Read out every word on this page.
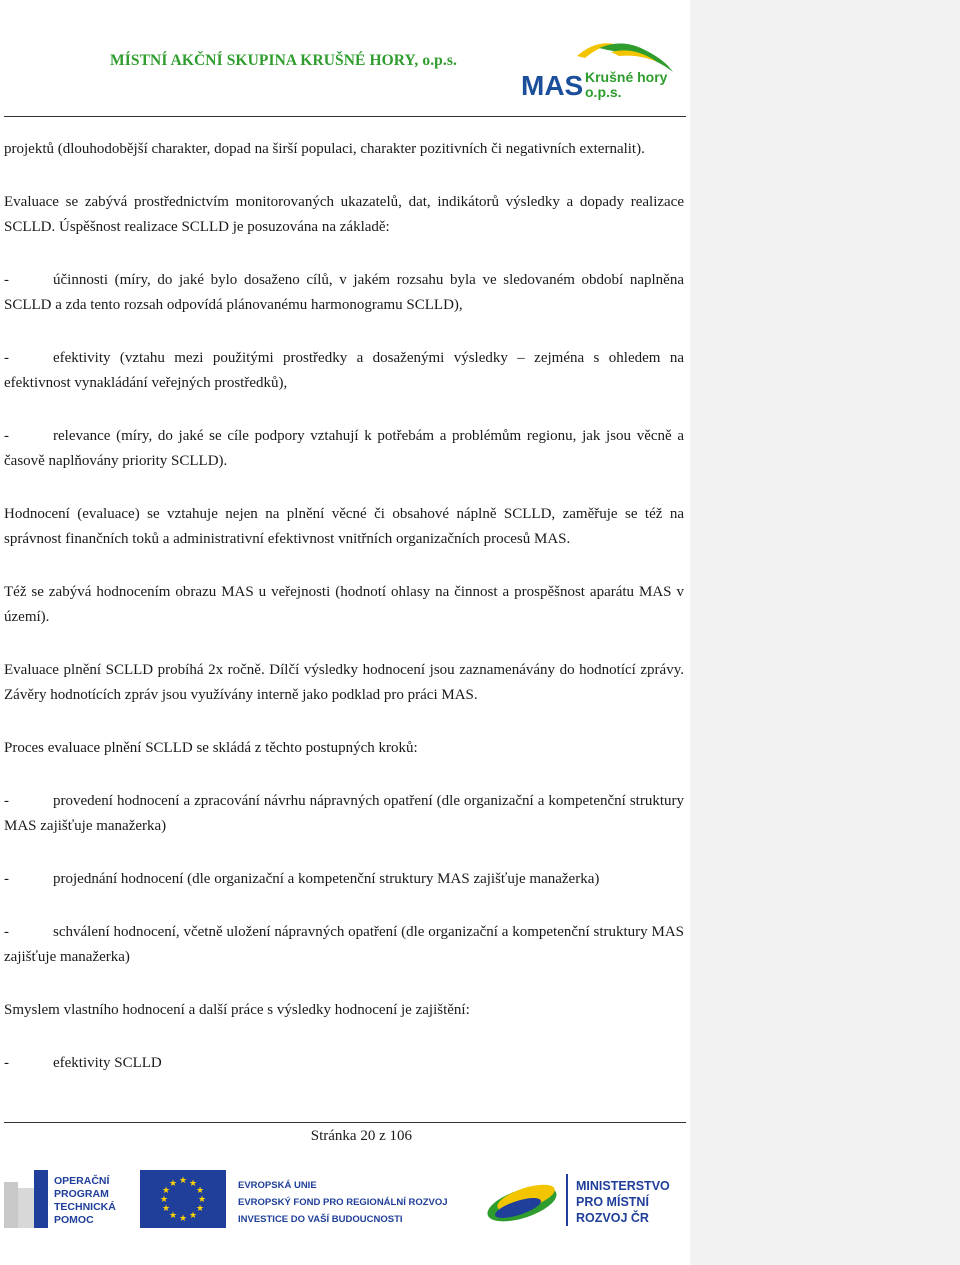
MÍSTNÍ AKČNÍ SKUPINA KRUŠNÉ HORY, o.p.s.
MAS Krušné hory
o.p.s.

projektů (dlouhodobější charakter, dopad na širší populaci, charakter pozitivních či negativních externalit).

Evaluace se zabývá prostřednictvím monitorovaných ukazatelů, dat, indikátorů výsledky a dopady realizace SCLLD. Úspěšnost realizace SCLLD je posuzována na základě:

-	účinnosti (míry, do jaké bylo dosaženo cílů, v jakém rozsahu byla ve sledovaném období naplněna SCLLD a zda tento rozsah odpovídá plánovanému harmonogramu SCLLD),

-	efektivity (vztahu mezi použitými prostředky a dosaženými výsledky – zejména s ohledem na efektivnost vynakládání veřejných prostředků),

-	relevance (míry, do jaké se cíle podpory vztahují k potřebám a problémům regionu, jak jsou věcně a časově naplňovány priority SCLLD).

Hodnocení (evaluace) se vztahuje nejen na plnění věcné či obsahové náplně SCLLD, zaměřuje se též na správnost finančních toků a administrativní efektivnost vnitřních organizačních procesů MAS.

Též se zabývá hodnocením obrazu MAS u veřejnosti (hodnotí ohlasy na činnost a prospěšnost aparátu MAS v území).

Evaluace plnění SCLLD probíhá 2x ročně. Dílčí výsledky hodnocení jsou zaznamenávány do hodnotící zprávy. Závěry hodnotících zpráv jsou využívány interně jako podklad pro práci MAS.

Proces evaluace plnění SCLLD se skládá z těchto postupných kroků:

-	provedení hodnocení a zpracování návrhu nápravných opatření (dle organizační a kompetenční struktury MAS zajišťuje manažerka)

-	projednání hodnocení (dle organizační a kompetenční struktury MAS zajišťuje manažerka)

-	schválení hodnocení, včetně uložení nápravných opatření (dle organizační a kompetenční struktury MAS zajišťuje manažerka)

Smyslem vlastního hodnocení a další práce s výsledky hodnocení je zajištění:

-	efektivity SCLLD

Stránka 20 z 106
OPERAČNÍ
PROGRAM
TECHNICKÁ
POMOC
★ ★
★
★
★
★
★
★
★
★
★
★	EVROPSKÁ UNIE
EVROPSKÝ FOND PRO REGIONÁLNÍ ROZVOJ
INVESTICE DO VAŠÍ BUDOUCNOSTI
MINISTERSTVO
PRO MÍSTNÍ
ROZVOJ ČR
